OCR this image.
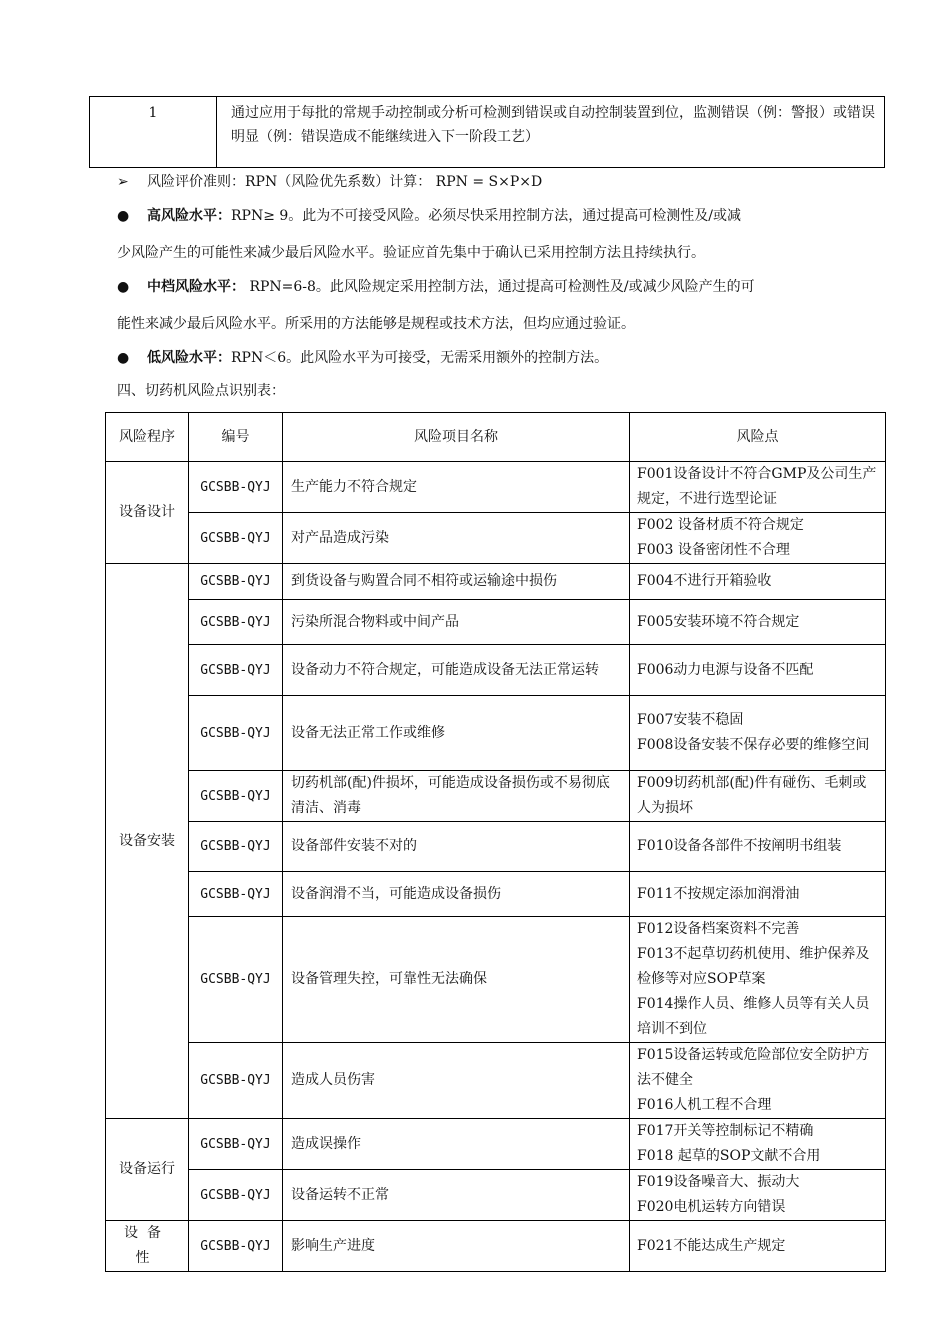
1	通过应用于每批的常规手动控制或分析可检测到错误或自动控制装置到位，监测错误（例：警报）或错误明显（例：错误造成不能继续进入下一阶段工艺）
➢ 风险评价准则：RPN（风险优先系数）计算： RPN = S×P×D
● 高风险水平：RPN≥ 9。此为不可接受风险。必须尽快采用控制方法，通过提高可检测性及/或减
少风险产生的可能性来减少最后风险水平。验证应首先集中于确认已采用控制方法且持续执行。
● 中档风险水平： RPN=6-8。此风险规定采用控制方法，通过提高可检测性及/或减少风险产生的可
能性来减少最后风险水平。所采用的方法能够是规程或技术方法，但均应通过验证。
● 低风险水平：RPN＜6。此风险水平为可接受，无需采用额外的控制方法。
四、切药机风险点识别表：
风险程序	编号	风险项目名称	风险点
设备设计	GCSBB-QYJ	生产能力不符合规定	F001设备设计不符合GMP及公司生产规定，不进行选型论证

	GCSBB-QYJ	对产品造成污染	F002 设备材质不符合规定
F003 设备密闭性不合理

设备安装	GCSBB-QYJ	到货设备与购置合同不相符或运输途中损伤	F004不进行开箱验收

	GCSBB-QYJ	污染所混合物料或中间产品	F005安装环境不符合规定

	GCSBB-QYJ	设备动力不符合规定，可能造成设备无法正常运转	F006动力电源与设备不匹配

	GCSBB-QYJ	设备无法正常工作或维修	F007安装不稳固
F008设备安装不保存必要的维修空间

	GCSBB-QYJ	切药机部(配)件损坏，可能造成设备损伤或不易彻底清洁、消毒	F009切药机部(配)件有碰伤、毛刺或人为损坏

	GCSBB-QYJ	设备部件安装不对的	F010设备各部件不按阐明书组装

	GCSBB-QYJ	设备润滑不当，可能造成设备损伤	F011不按规定添加润滑油

	GCSBB-QYJ	设备管理失控，可靠性无法确保	F012设备档案资料不完善
F013不起草切药机使用、维护保养及检修等对应SOP草案
F014操作人员、维修人员等有关人员培训不到位

	GCSBB-QYJ	造成人员伤害	F015设备运转或危险部位安全防护方法不健全
F016人机工程不合理

设备运行	GCSBB-QYJ	造成误操作	F017开关等控制标记不精确
F018 起草的SOP文献不合用

	GCSBB-QYJ	设备运转不正常	F019设备噪音大、振动大
F020电机运转方向错误

设备性	GCSBB-QYJ	影响生产进度	F021不能达成生产规定
